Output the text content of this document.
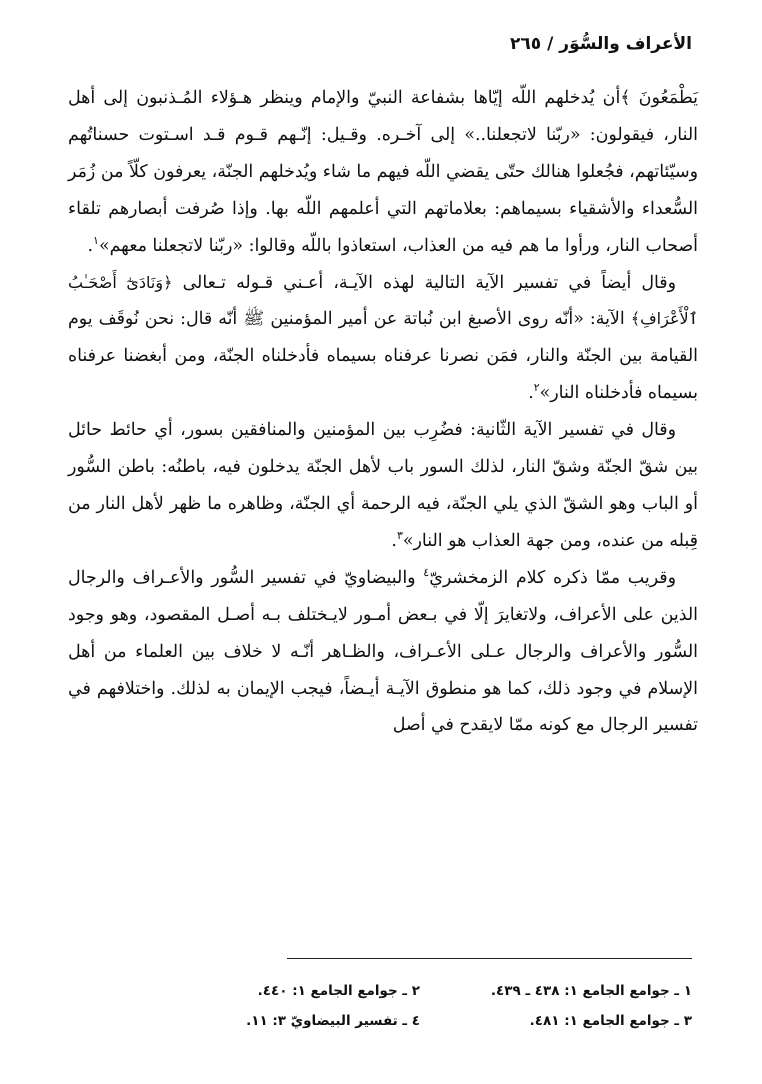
الأعراف والسُّوَر/٢٦٥

يَطْمَعُونَ ﴾أن يُدخلهم اللّه إيّاها بشفاعة النبيّ والإمام وينظر هـؤلاء المُـذنبون إلى أهل النار، فيقولون: «ربّنا لاتجعلنا..» إلى آخـره. وقـيل: إنّـهم قـوم قـد اسـتوت حسناتُهم وسيّئاتهم، فجُعلوا هنالك حتّى يقضي اللّه فيهم ما شاء ويُدخلهم الجنّة، يعرفون كلّاً من زُمَر السُّعداء والأشقياء بسيماهم: بعلاماتهم التي أعلمهم اللّه بها. وإذا صُرفت أبصارهم تلقاء أصحاب النار، ورأوا ما هم فيه من العذاب، استعاذوا باللّه وقالوا: «ربّنا لاتجعلنا معهم»$^١$.

وقال أيضاً في تفسير الآية التالية لهذه الآيـة، أعـني قـوله تـعالى ﴿وَنَادَىٰٓ أَصْحَـٰبُ ٱلْأَعْرَافِ﴾ الآية: «أنّه روى الأصبغ ابن نُباتة عن أمير المؤمنين ﷺ أنّه قال: نحن نُوقَف يوم القيامة بين الجنّة والنار، فمَن نصرنا عرفناه بسيماه فأدخلناه الجنّة، ومن أبغضنا عرفناه بسيماه فأدخلناه النار»$^٢$.

وقال في تفسير الآية الثّانية: فضُرِب بين المؤمنين والمنافقين بسور، أي حائط حائل بين شقّ الجنّة وشقّ النار، لذلك السور باب لأهل الجنّة يدخلون فيه، باطنُه: باطن السُّور أو الباب وهو الشقّ الذي يلي الجنّة، فيه الرحمة أي الجنّة، وظاهره ما ظهر لأهل النار من قِبله من عنده، ومن جهة العذاب هو النار»$^٣$.

وقريب ممّا ذكره كلام الزمخشريّ$^٤$ والبيضاويّ في تفسير السُّور والأعـراف والرجال الذين على الأعراف، ولاتغايرَ إلّا في بـعض أمـور لايـختلف بـه أصـل المقصود، وهو وجود السُّور والأعراف والرجال عـلى الأعـراف، والظـاهر أنّـه لا خلاف بين العلماء من أهل الإسلام في وجود ذلك، كما هو منطوق الآيـة أيـضاً، فيجب الإيمان به لذلك. واختلافهم في تفسير الرجال مع كونه ممّا لايقدح في أصل

١ ـ جوامع الجامع ١: ٤٣٨ ـ ٤٣٩.
٢ ـ جوامع الجامع ١: ٤٤٠.
٣ ـ جوامع الجامع ١: ٤٨١.
٤ ـ تفسير البيضاويّ ٣: ١١.
